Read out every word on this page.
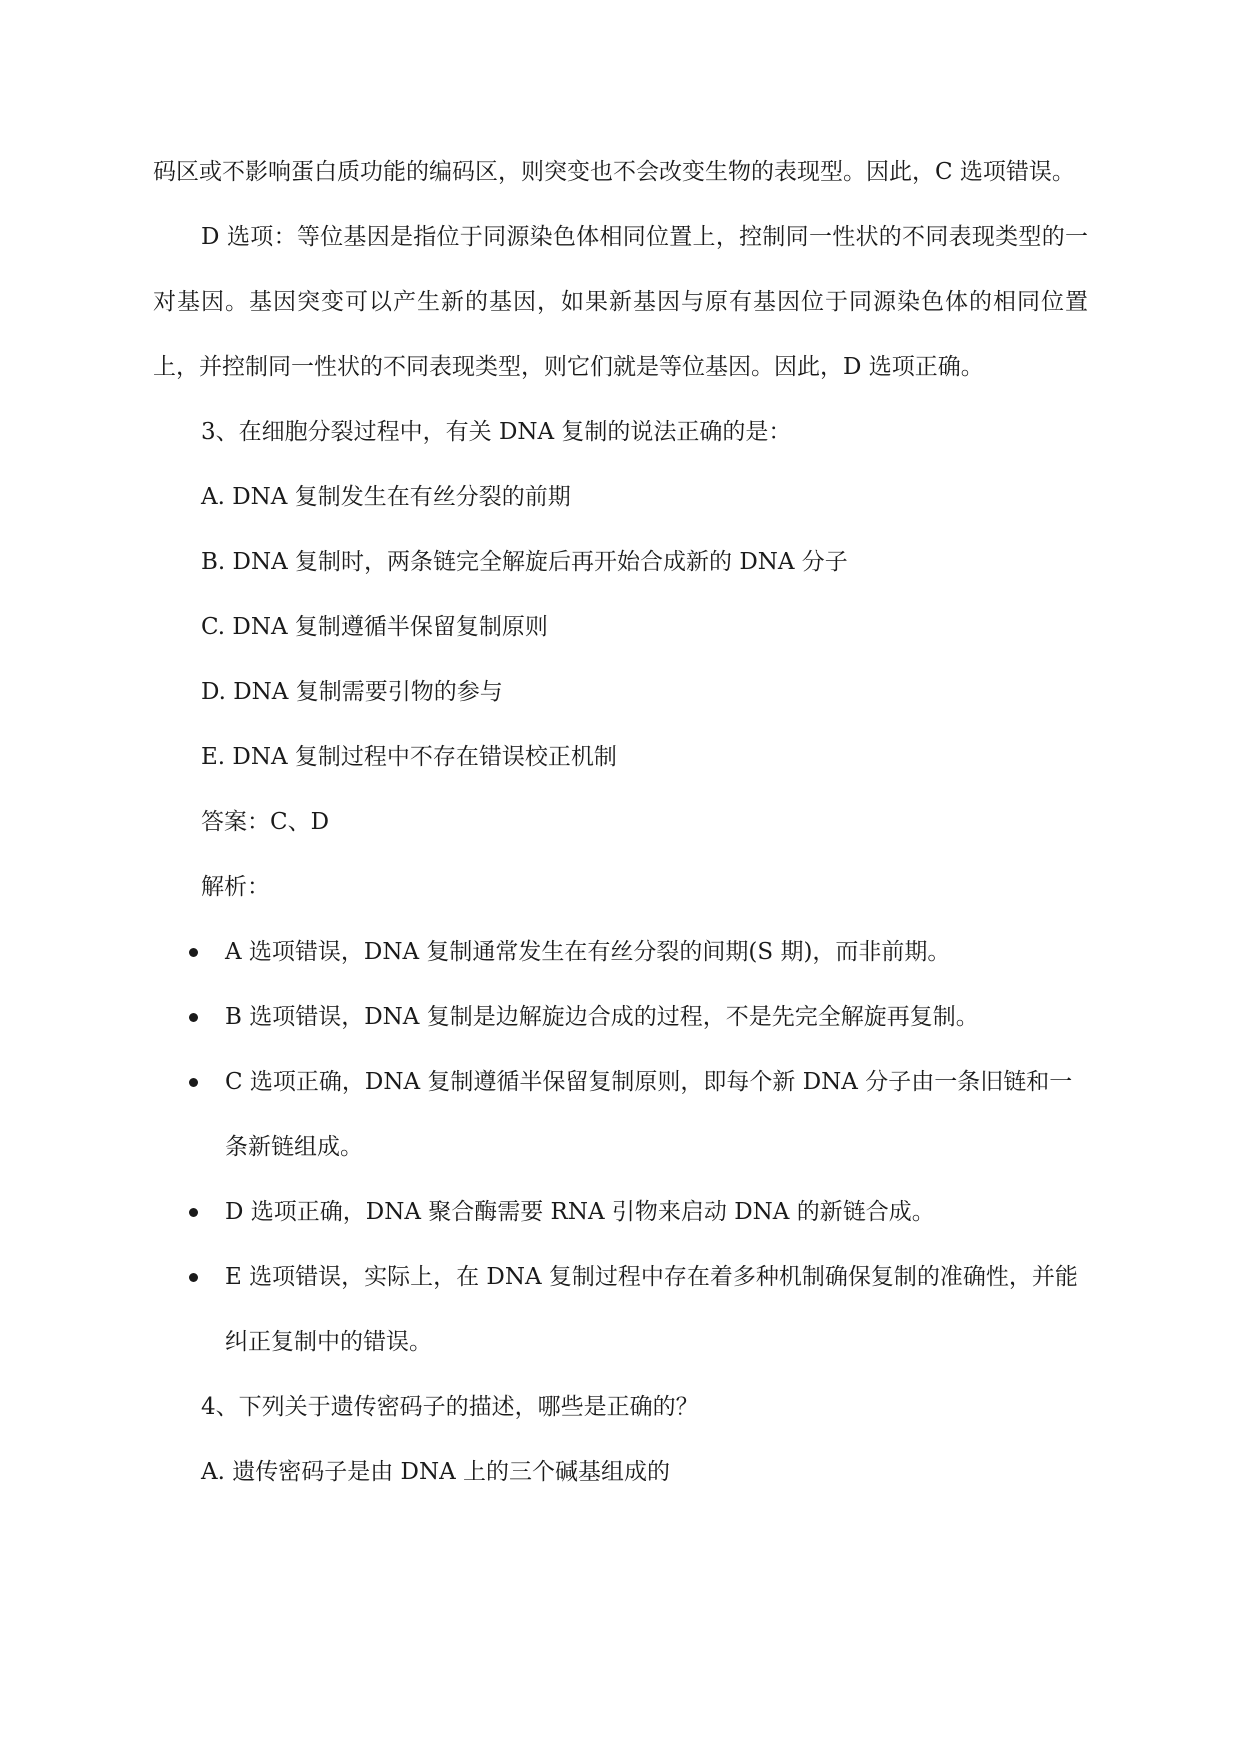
码区或不影响蛋白质功能的编码区，则突变也不会改变生物的表现型。因此，C 选项错误。

D 选项：等位基因是指位于同源染色体相同位置上，控制同一性状的不同表现类型的一对基因。基因突变可以产生新的基因，如果新基因与原有基因位于同源染色体的相同位置上，并控制同一性状的不同表现类型，则它们就是等位基因。因此，D 选项正确。

3、在细胞分裂过程中，有关 DNA 复制的说法正确的是：

A. DNA 复制发生在有丝分裂的前期

B. DNA 复制时，两条链完全解旋后再开始合成新的 DNA 分子

C. DNA 复制遵循半保留复制原则

D. DNA 复制需要引物的参与

E. DNA 复制过程中不存在错误校正机制

答案：C、D

解析：

A 选项错误，DNA 复制通常发生在有丝分裂的间期(S 期)，而非前期。
B 选项错误，DNA 复制是边解旋边合成的过程，不是先完全解旋再复制。
C 选项正确，DNA 复制遵循半保留复制原则，即每个新 DNA 分子由一条旧链和一条新链组成。
D 选项正确，DNA 聚合酶需要 RNA 引物来启动 DNA 的新链合成。
E 选项错误，实际上，在 DNA 复制过程中存在着多种机制确保复制的准确性，并能纠正复制中的错误。

4、下列关于遗传密码子的描述，哪些是正确的？

A. 遗传密码子是由 DNA 上的三个碱基组成的
